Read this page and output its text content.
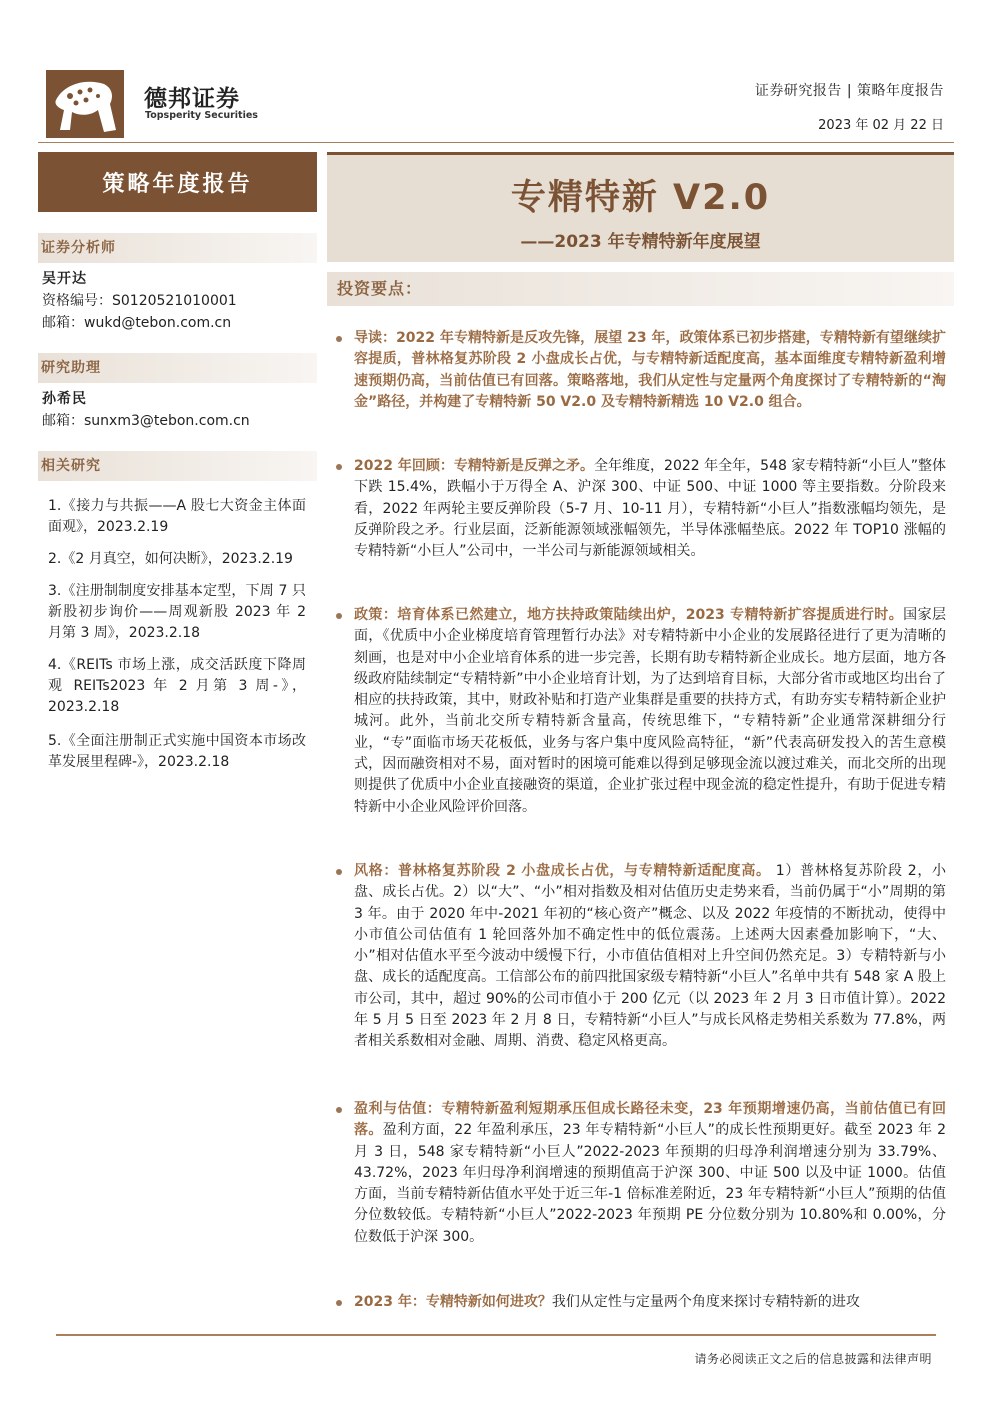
德邦证券
Topsperity Securities
证券研究报告 | 策略年度报告
2023 年 02 月 22 日
策略年度报告
证券分析师
吴开达
资格编号：S0120521010001
邮箱：wukd@tebon.com.cn
研究助理
孙希民
邮箱：sunxm3@tebon.com.cn
相关研究
1.《接力与共振——A 股七大资金主体面面观》，2023.2.19
2.《2 月真空，如何决断》，2023.2.19
3.《注册制制度安排基本定型，下周 7 只新股初步询价——周观新股 2023 年 2 月第 3 周》，2023.2.18
4.《REITs 市场上涨，成交活跃度下降周观 REITs2023 年 2 月第 3 周-》，2023.2.18
5.《全面注册制正式实施中国资本市场改革发展里程碑-》，2023.2.18
专精特新 V2.0
——2023 年专精特新年度展望
投资要点：
导读：2022 年专精特新是反攻先锋，展望 23 年，政策体系已初步搭建，专精特新有望继续扩容提质，普林格复苏阶段 2 小盘成长占优，与专精特新适配度高，基本面维度专精特新盈利增速预期仍高，当前估值已有回落。策略落地，我们从定性与定量两个角度探讨了专精特新的“淘金”路径，并构建了专精特新 50 V2.0 及专精特新精选 10 V2.0 组合。
2022 年回顾：专精特新是反弹之矛。全年维度，2022 年全年，548 家专精特新“小巨人”整体下跌 15.4%，跌幅小于万得全 A、沪深 300、中证 500、中证 1000 等主要指数。分阶段来看，2022 年两轮主要反弹阶段（5-7 月、10-11 月），专精特新“小巨人”指数涨幅均领先，是反弹阶段之矛。行业层面，泛新能源领域涨幅领先，半导体涨幅垫底。2022 年 TOP10 涨幅的专精特新“小巨人”公司中，一半公司与新能源领域相关。
政策：培育体系已然建立，地方扶持政策陆续出炉，2023 专精特新扩容提质进行时。国家层面，《优质中小企业梯度培育管理暂行办法》对专精特新中小企业的发展路径进行了更为清晰的刻画，也是对中小企业培育体系的进一步完善，长期有助专精特新企业成长。地方层面，地方各级政府陆续制定“专精特新”中小企业培育计划，为了达到培育目标，大部分省市或地区均出台了相应的扶持政策，其中，财政补贴和打造产业集群是重要的扶持方式，有助夯实专精特新企业护城河。此外，当前北交所专精特新含量高，传统思维下，“专精特新”企业通常深耕细分行业，“专”面临市场天花板低，业务与客户集中度风险高特征，“新”代表高研发投入的苦生意模式，因而融资相对不易，面对暂时的困境可能难以得到足够现金流以渡过难关，而北交所的出现则提供了优质中小企业直接融资的渠道，企业扩张过程中现金流的稳定性提升，有助于促进专精特新中小企业风险评价回落。
风格：普林格复苏阶段 2 小盘成长占优，与专精特新适配度高。 1）普林格复苏阶段 2，小盘、成长占优。2）以“大”、“小”相对指数及相对估值历史走势来看，当前仍属于“小”周期的第 3 年。由于 2020 年中-2021 年初的“核心资产”概念、以及 2022 年疫情的不断扰动，使得中小市值公司估值有 1 轮回落外加不确定性中的低位震荡。上述两大因素叠加影响下，“大、小”相对估值水平至今波动中缓慢下行，小市值估值相对上升空间仍然充足。3）专精特新与小盘、成长的适配度高。工信部公布的前四批国家级专精特新“小巨人”名单中共有 548 家 A 股上市公司，其中，超过 90%的公司市值小于 200 亿元（以 2023 年 2 月 3 日市值计算）。2022 年 5 月 5 日至 2023 年 2 月 8 日，专精特新“小巨人”与成长风格走势相关系数为 77.8%，两者相关系数相对金融、周期、消费、稳定风格更高。
盈利与估值：专精特新盈利短期承压但成长路径未变，23 年预期增速仍高，当前估值已有回落。盈利方面，22 年盈利承压，23 年专精特新“小巨人”的成长性预期更好。截至 2023 年 2 月 3 日，548 家专精特新“小巨人”2022-2023 年预期的归母净利润增速分别为 33.79%、43.72%，2023 年归母净利润增速的预期值高于沪深 300、中证 500 以及中证 1000。估值方面，当前专精特新估值水平处于近三年-1 倍标准差附近，23 年专精特新“小巨人”预期的估值分位数较低。专精特新“小巨人”2022-2023 年预期 PE 分位数分别为 10.80%和 0.00%，分位数低于沪深 300。
2023 年：专精特新如何进攻？我们从定性与定量两个角度来探讨专精特新的进攻
请务必阅读正文之后的信息披露和法律声明
